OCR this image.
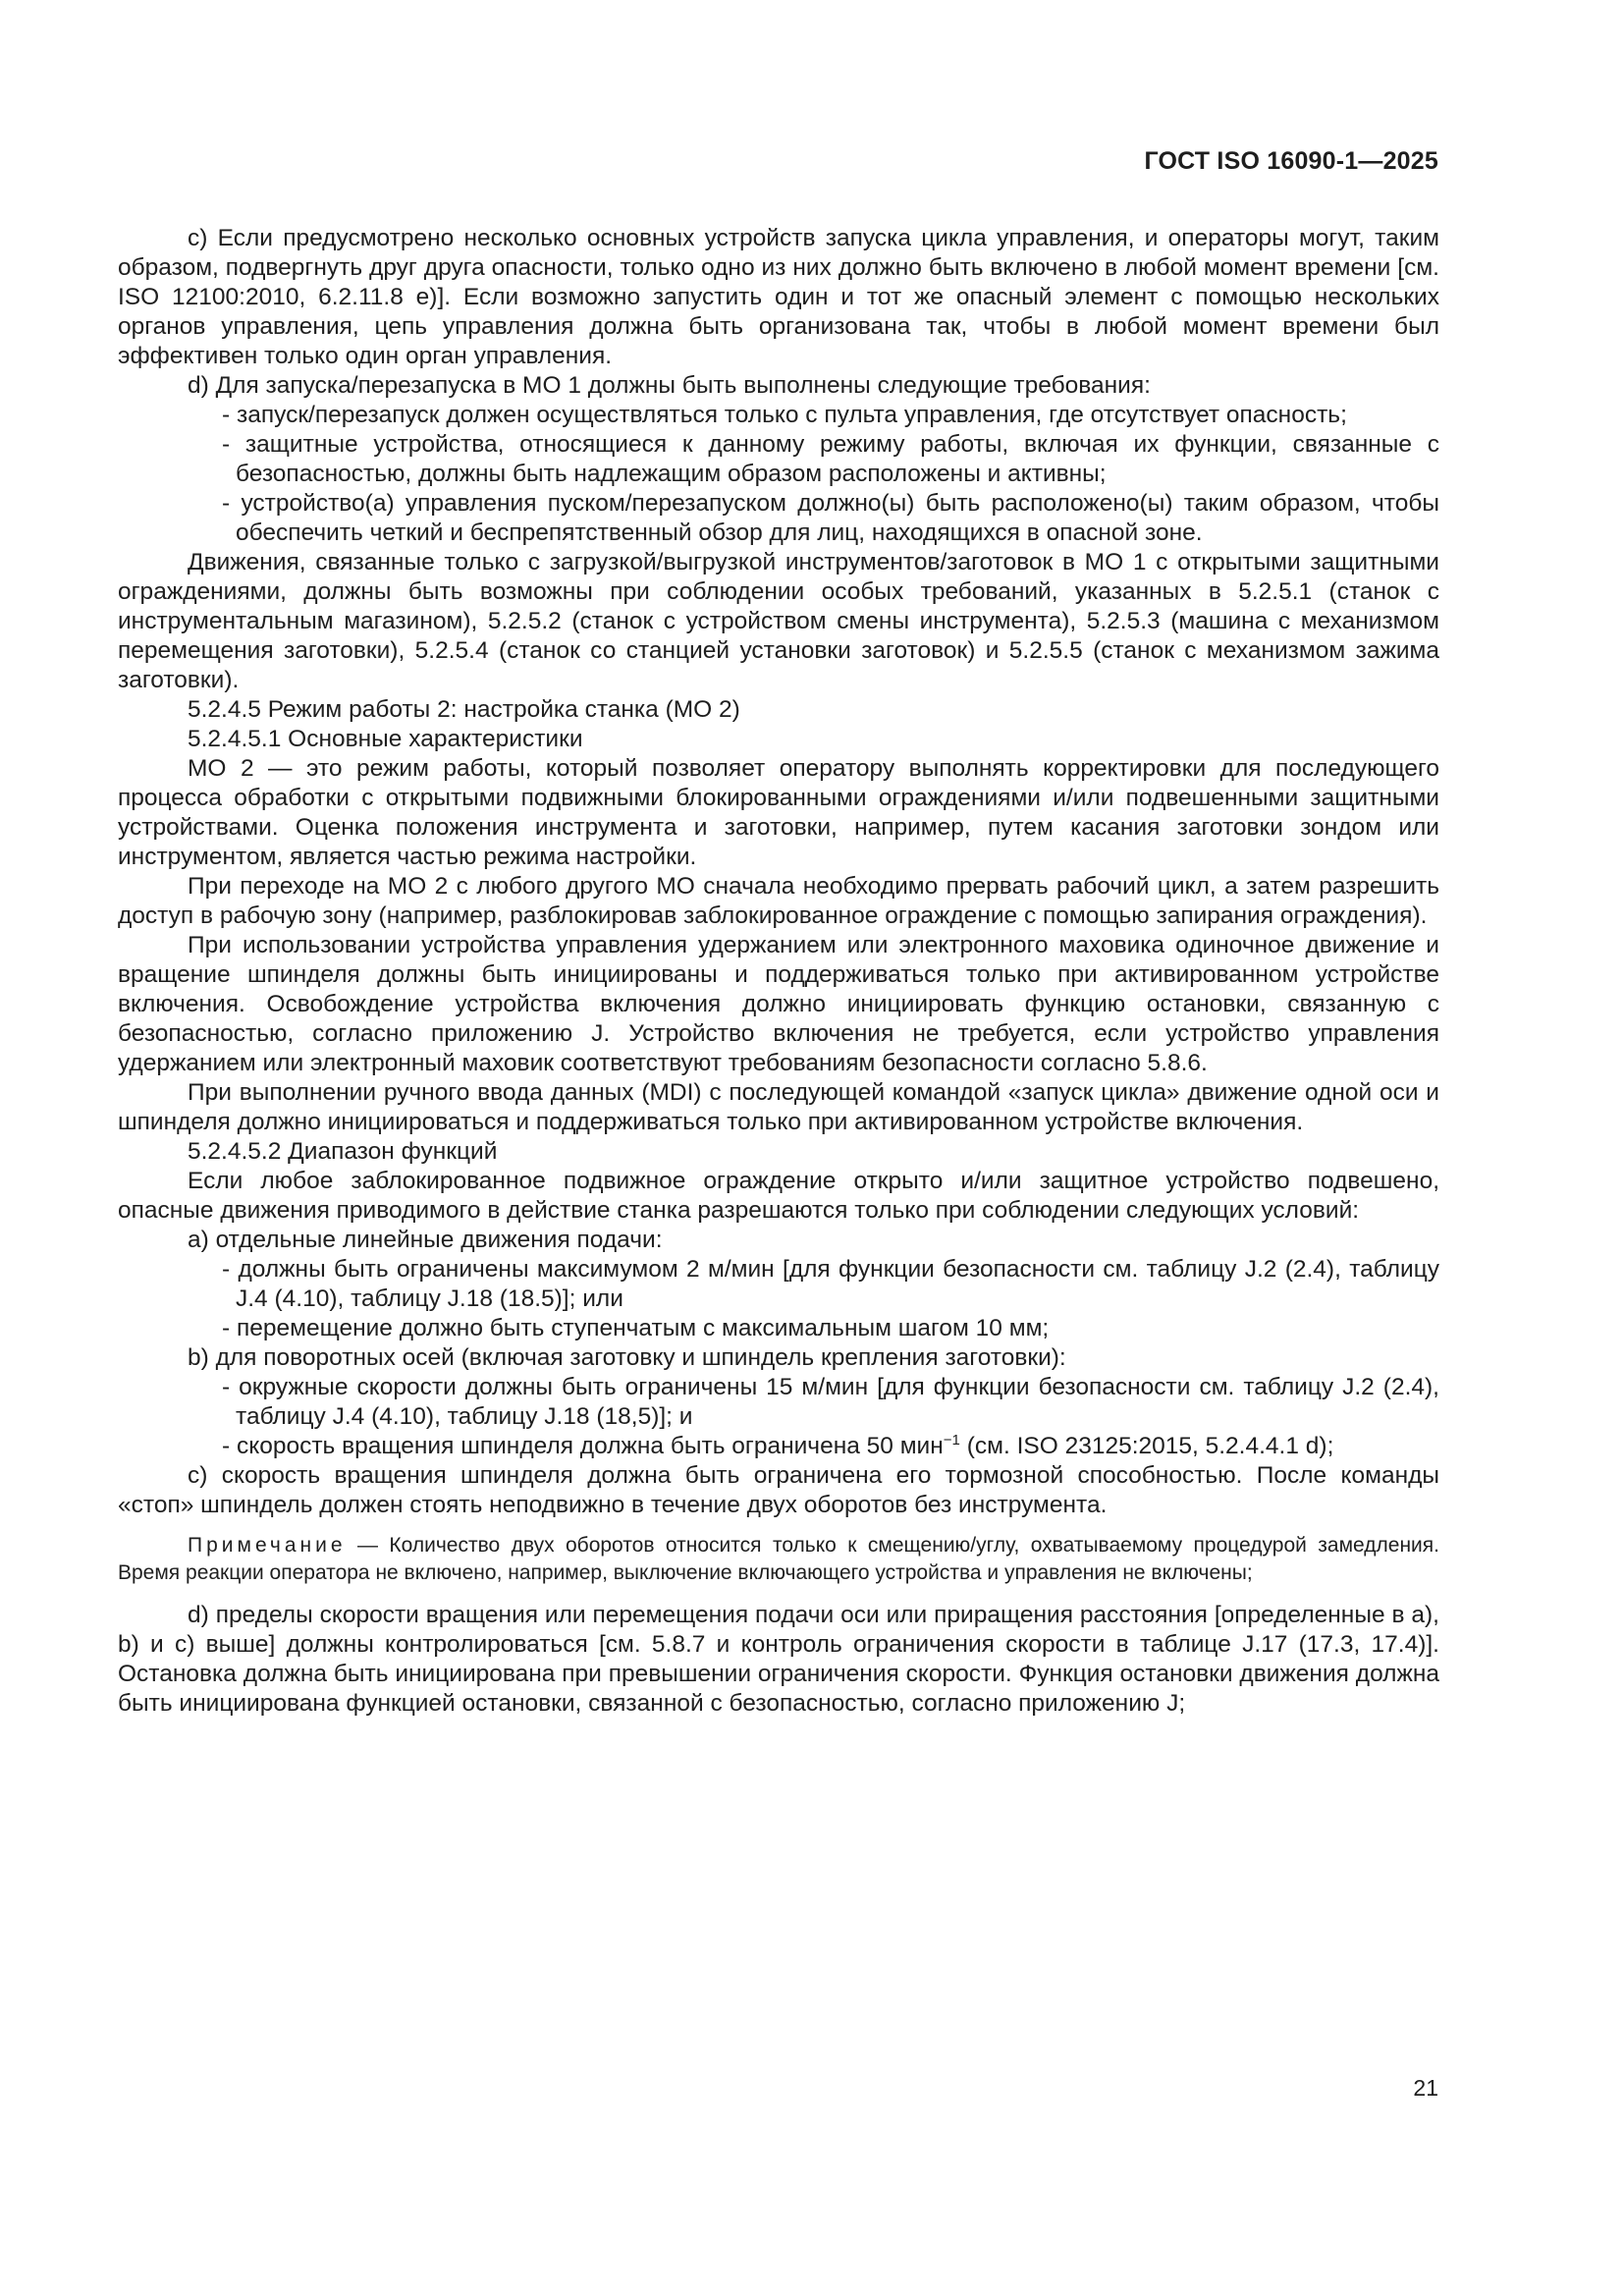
ГОСТ ISO 16090-1—2025

c) Если предусмотрено несколько основных устройств запуска цикла управления, и операторы могут, таким образом, подвергнуть друг друга опасности, только одно из них должно быть включено в любой момент времени [см. ISO 12100:2010, 6.2.11.8 e)]. Если возможно запустить один и тот же опасный элемент с помощью нескольких органов управления, цепь управления должна быть организована так, чтобы в любой момент времени был эффективен только один орган управления.

d) Для запуска/перезапуска в МО 1 должны быть выполнены следующие требования:

- запуск/перезапуск должен осуществляться только с пульта управления, где отсутствует опасность;

- защитные устройства, относящиеся к данному режиму работы, включая их функции, связанные с безопасностью, должны быть надлежащим образом расположены и активны;

- устройство(а) управления пуском/перезапуском должно(ы) быть расположено(ы) таким образом, чтобы обеспечить четкий и беспрепятственный обзор для лиц, находящихся в опасной зоне.

Движения, связанные только с загрузкой/выгрузкой инструментов/заготовок в МО 1 с открытыми защитными ограждениями, должны быть возможны при соблюдении особых требований, указанных в 5.2.5.1 (станок с инструментальным магазином), 5.2.5.2 (станок с устройством смены инструмента), 5.2.5.3 (машина с механизмом перемещения заготовки), 5.2.5.4 (станок со станцией установки заготовок) и 5.2.5.5 (станок с механизмом зажима заготовки).

5.2.4.5 Режим работы 2: настройка станка (МО 2)

5.2.4.5.1 Основные характеристики

МО 2 — это режим работы, который позволяет оператору выполнять корректировки для последующего процесса обработки с открытыми подвижными блокированными ограждениями и/или подвешенными защитными устройствами. Оценка положения инструмента и заготовки, например, путем касания заготовки зондом или инструментом, является частью режима настройки.

При переходе на МО 2 с любого другого МО сначала необходимо прервать рабочий цикл, а затем разрешить доступ в рабочую зону (например, разблокировав заблокированное ограждение с помощью запирания ограждения).

При использовании устройства управления удержанием или электронного маховика одиночное движение и вращение шпинделя должны быть инициированы и поддерживаться только при активированном устройстве включения. Освобождение устройства включения должно инициировать функцию остановки, связанную с безопасностью, согласно приложению J. Устройство включения не требуется, если устройство управления удержанием или электронный маховик соответствуют требованиям безопасности согласно 5.8.6.

При выполнении ручного ввода данных (MDI) с последующей командой «запуск цикла» движение одной оси и шпинделя должно инициироваться и поддерживаться только при активированном устройстве включения.

5.2.4.5.2 Диапазон функций

Если любое заблокированное подвижное ограждение открыто и/или защитное устройство подвешено, опасные движения приводимого в действие станка разрешаются только при соблюдении следующих условий:

a) отдельные линейные движения подачи:

- должны быть ограничены максимумом 2 м/мин [для функции безопасности см. таблицу J.2 (2.4), таблицу J.4 (4.10), таблицу J.18 (18.5)]; или

- перемещение должно быть ступенчатым с максимальным шагом 10 мм;

b) для поворотных осей (включая заготовку и шпиндель крепления заготовки):

- окружные скорости должны быть ограничены 15 м/мин [для функции безопасности см. таблицу J.2 (2.4), таблицу J.4 (4.10), таблицу J.18 (18,5)]; и

- скорость вращения шпинделя должна быть ограничена 50 мин$^{-1}$ (см. ISO 23125:2015, 5.2.4.4.1 d);

c) скорость вращения шпинделя должна быть ограничена его тормозной способностью. После команды «стоп» шпиндель должен стоять неподвижно в течение двух оборотов без инструмента.

Примечание — Количество двух оборотов относится только к смещению/углу, охватываемому процедурой замедления. Время реакции оператора не включено, например, выключение включающего устройства и управления не включены;

d) пределы скорости вращения или перемещения подачи оси или приращения расстояния [определенные в a), b) и c) выше] должны контролироваться [см. 5.8.7 и контроль ограничения скорости в таблице J.17 (17.3, 17.4)]. Остановка должна быть инициирована при превышении ограничения скорости. Функция остановки движения должна быть инициирована функцией остановки, связанной с безопасностью, согласно приложению J;

21
